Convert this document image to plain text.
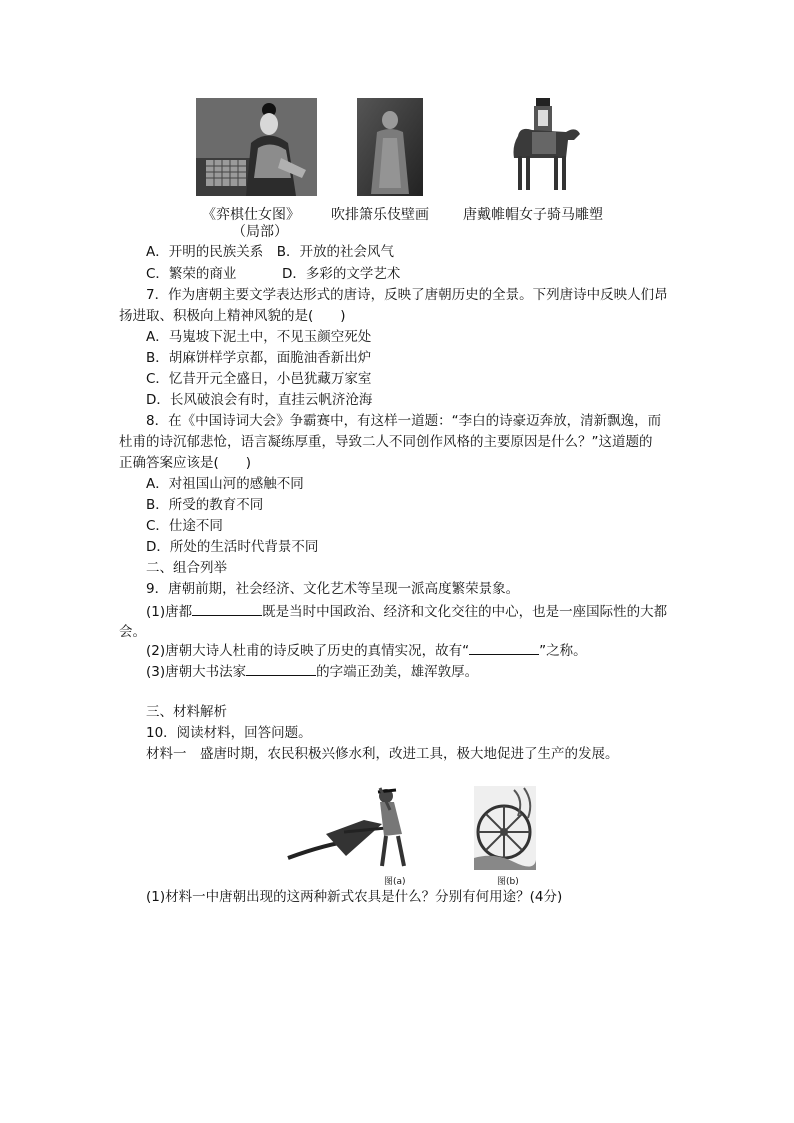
《弈棋仕女图》
（局部）
吹排箫乐伎壁画 唐戴帷帽女子骑马雕塑
A．开明的民族关系　 B．开放的社会风气
C．繁荣的商业	D．多彩的文学艺术
7．作为唐朝主要文学表达形式的唐诗，反映了唐朝历史的全景。下列唐诗中反映人们昂
扬进取、积极向上精神风貌的是(　　)
A．马嵬坡下泥土中，不见玉颜空死处
B．胡麻饼样学京都，面脆油香新出炉
C．忆昔开元全盛日，小邑犹藏万家室
D．长风破浪会有时，直挂云帆济沧海
8．在《中国诗词大会》争霸赛中，有这样一道题：“李白的诗豪迈奔放，清新飘逸，而
杜甫的诗沉郁悲怆，语言凝练厚重，导致二人不同创作风格的主要原因是什么？”这道题的
正确答案应该是(　　)
A．对祖国山河的感触不同
B．所受的教育不同
C．仕途不同
D．所处的生活时代背景不同
二、组合列举
9．唐朝前期，社会经济、文化艺术等呈现一派高度繁荣景象。
(1)唐都	既是当时中国政治、经济和文化交往的中心，也是一座国际性的大都
会。
(2)唐朝大诗人杜甫的诗反映了历史的真情实况，故有“	”之称。
(3)唐朝大书法家	的字端正劲美，雄浑敦厚。
三、材料解析
10．阅读材料，回答问题。
材料一　盛唐时期，农民积极兴修水利，改进工具，极大地促进了生产的发展。
图(a)	图(b)
(1)材料一中唐朝出现的这两种新式农具是什么？分别有何用途？(4分)
